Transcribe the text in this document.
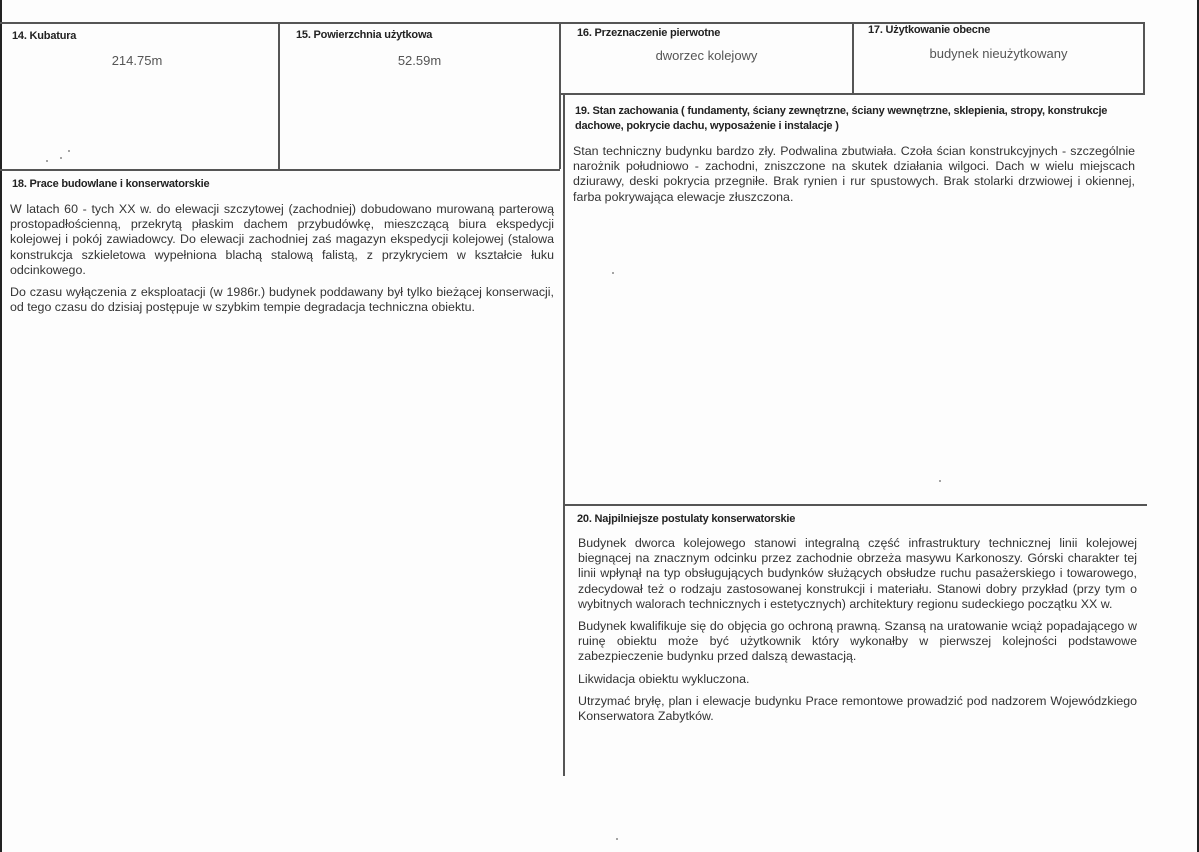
14. Kubatura
214.75m
15. Powierzchnia użytkowa
52.59m
16. Przeznaczenie pierwotne
dworzec kolejowy
17. Użytkowanie obecne
budynek nieużytkowany
19. Stan zachowania ( fundamenty, ściany zewnętrzne, ściany wewnętrzne, sklepienia, stropy, konstrukcje dachowe, pokrycie dachu, wyposażenie i instalacje )

Stan techniczny budynku bardzo zły. Podwalina zbutwiała. Czoła ścian konstrukcyjnych - szczególnie narożnik południowo - zachodni, zniszczone na skutek działania wilgoci. Dach w wielu miejscach dziurawy, deski pokrycia przegniłe. Brak rynien i rur spustowych. Brak stolarki drzwiowej i okiennej, farba pokrywająca elewacje złuszczona.

18. Prace budowlane i konserwatorskie

W latach 60 - tych XX w. do elewacji szczytowej (zachodniej) dobudowano murowaną parterową prostopadłościenną, przekrytą płaskim dachem przybudówkę, mieszczącą biura ekspedycji kolejowej i pokój zawiadowcy. Do elewacji zachodniej zaś magazyn ekspedycji kolejowej (stalowa konstrukcja szkieletowa wypełniona blachą stalową falistą, z przykryciem w kształcie łuku odcinkowego.

Do czasu wyłączenia z eksploatacji (w 1986r.) budynek poddawany był tylko bieżącej konserwacji, od tego czasu do dzisiaj postępuje w szybkim tempie degradacja techniczna obiektu.

20. Najpilniejsze postulaty konserwatorskie

Budynek dworca kolejowego stanowi integralną część infrastruktury technicznej linii kolejowej biegnącej na znacznym odcinku przez zachodnie obrzeża masywu Karkonoszy. Górski charakter tej linii wpłynął na typ obsługujących budynków służących obsłudze ruchu pasażerskiego i towarowego, zdecydował też o rodzaju zastosowanej konstrukcji i materiału. Stanowi dobry przykład (przy tym o wybitnych walorach technicznych i estetycznych) architektury regionu sudeckiego początku XX w.

Budynek kwalifikuje się do objęcia go ochroną prawną. Szansą na uratowanie wciąż popadającego w ruinę obiektu może być użytkownik który wykonałby w pierwszej kolejności podstawowe zabezpieczenie budynku przed dalszą dewastacją.

Likwidacja obiektu wykluczona.

Utrzymać bryłę, plan i elewacje budynku Prace remontowe prowadzić pod nadzorem Wojewódzkiego Konserwatora Zabytków.
